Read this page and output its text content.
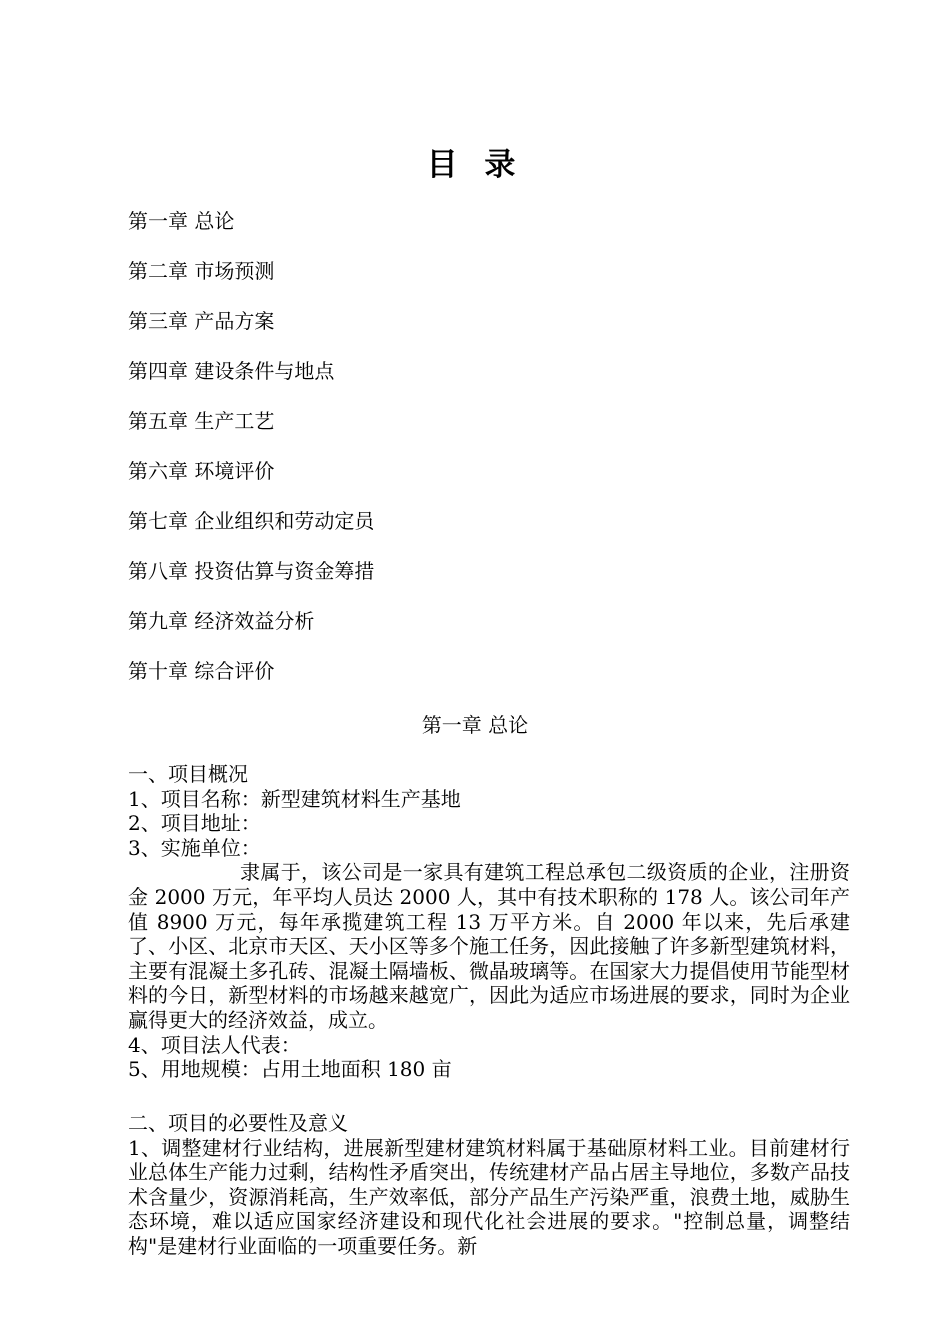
目 录
第一章 总论
第二章 市场预测
第三章 产品方案
第四章 建设条件与地点
第五章 生产工艺
第六章 环境评价
第七章 企业组织和劳动定员
第八章 投资估算与资金筹措
第九章 经济效益分析
第十章 综合评价
第一章 总论
一、项目概况
1、项目名称：新型建筑材料生产基地
2、项目地址：
3、实施单位：

隶属于，该公司是一家具有建筑工程总承包二级资质的企业，注册资金 2000 万元，年平均人员达 2000 人，其中有技术职称的 178 人。该公司年产值 8900 万元，每年承揽建筑工程 13 万平方米。自 2000 年以来，先后承建了、小区、北京市天区、天小区等多个施工任务，因此接触了许多新型建筑材料，主要有混凝土多孔砖、混凝土隔墙板、微晶玻璃等。在国家大力提倡使用节能型材料的今日，新型材料的市场越来越宽广，因此为适应市场进展的要求，同时为企业赢得更大的经济效益，成立。

4、项目法人代表：
5、用地规模：占用土地面积 180 亩
二、项目的必要性及意义

1、调整建材行业结构，进展新型建材建筑材料属于基础原材料工业。目前建材行业总体生产能力过剩，结构性矛盾突出，传统建材产品占居主导地位，多数产品技术含量少，资源消耗高，生产效率低，部分产品生产污染严重，浪费土地，威胁生态环境，难以适应国家经济建设和现代化社会进展的要求。"控制总量，调整结构"是建材行业面临的一项重要任务。新
